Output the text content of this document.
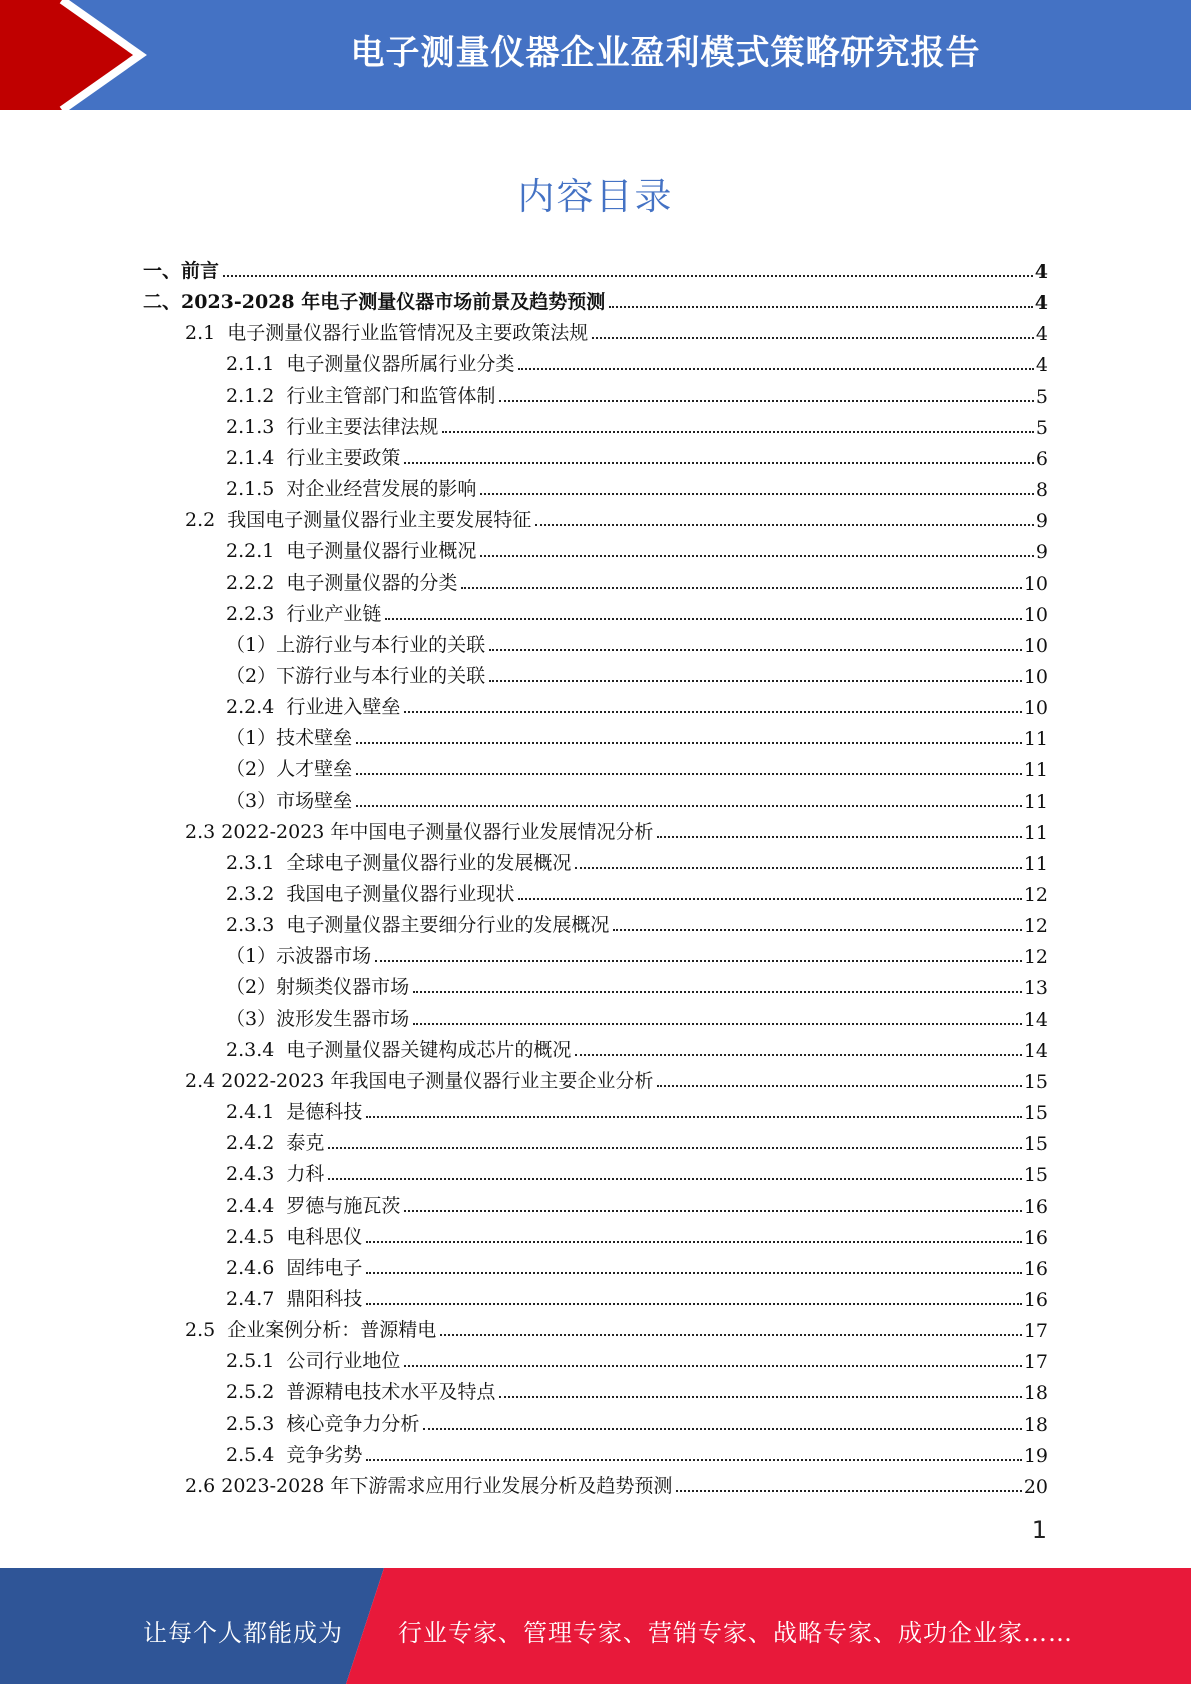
电子测量仪器企业盈利模式策略研究报告
内容目录
一、前言	4
二、2023-2028 年电子测量仪器市场前景及趋势预测	4
2.1  电子测量仪器行业监管情况及主要政策法规	4
2.1.1  电子测量仪器所属行业分类	4
2.1.2  行业主管部门和监管体制	5
2.1.3  行业主要法律法规	5
2.1.4  行业主要政策	6
2.1.5  对企业经营发展的影响	8
2.2  我国电子测量仪器行业主要发展特征	9
2.2.1  电子测量仪器行业概况	9
2.2.2  电子测量仪器的分类	10
2.2.3  行业产业链	10
（1）上游行业与本行业的关联	10
（2）下游行业与本行业的关联	10
2.2.4  行业进入壁垒	10
（1）技术壁垒	11
（2）人才壁垒	11
（3）市场壁垒	11
2.3 2022-2023 年中国电子测量仪器行业发展情况分析	11
2.3.1  全球电子测量仪器行业的发展概况	11
2.3.2  我国电子测量仪器行业现状	12
2.3.3  电子测量仪器主要细分行业的发展概况	12
（1）示波器市场	12
（2）射频类仪器市场	13
（3）波形发生器市场	14
2.3.4  电子测量仪器关键构成芯片的概况	14
2.4 2022-2023 年我国电子测量仪器行业主要企业分析	15
2.4.1  是德科技	15
2.4.2  泰克	15
2.4.3  力科	15
2.4.4  罗德与施瓦茨	16
2.4.5  电科思仪	16
2.4.6  固纬电子	16
2.4.7  鼎阳科技	16
2.5  企业案例分析：普源精电	17
2.5.1  公司行业地位	17
2.5.2  普源精电技术水平及特点	18
2.5.3  核心竞争力分析	18
2.5.4  竞争劣势	19
2.6 2023-2028 年下游需求应用行业发展分析及趋势预测	20
1
让每个人都能成为 行业专家、管理专家、营销专家、战略专家、成功企业家……
